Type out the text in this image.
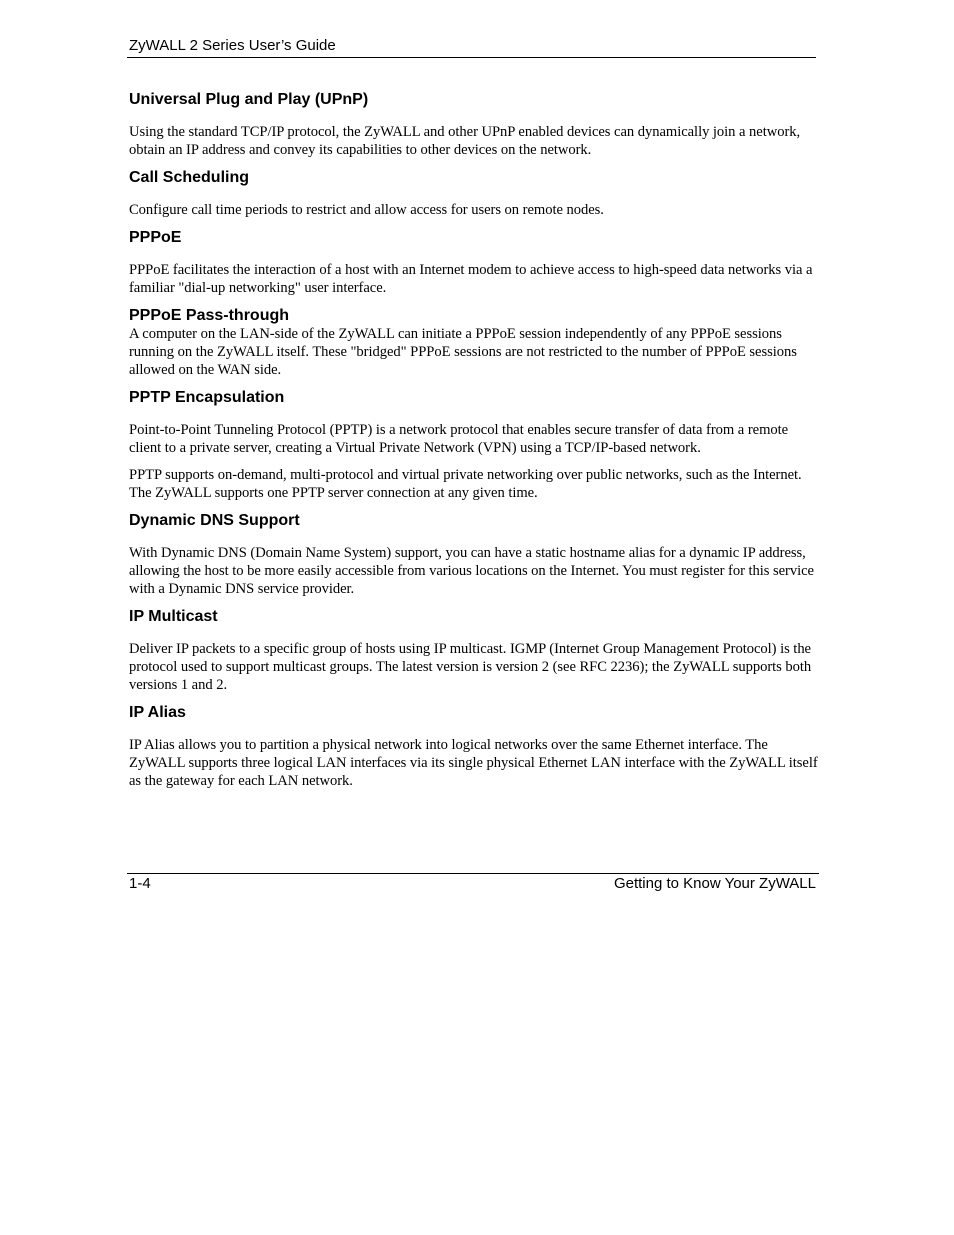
ZyWALL 2 Series User’s Guide
Universal Plug and Play (UPnP)

Using the standard TCP/IP protocol, the ZyWALL and other UPnP enabled devices can dynamically join a network, obtain an IP address and convey its capabilities to other devices on the network.

Call Scheduling

Configure call time periods to restrict and allow access for users on remote nodes.

PPPoE

PPPoE facilitates the interaction of a host with an Internet modem to achieve access to high-speed data networks via a familiar "dial-up networking" user interface.

PPPoE Pass-through

A computer on the LAN-side of the ZyWALL can initiate a PPPoE session independently of any PPPoE sessions running on the ZyWALL itself. These "bridged" PPPoE sessions are not restricted to the number of PPPoE sessions allowed on the WAN side.

PPTP Encapsulation

Point-to-Point Tunneling Protocol (PPTP) is a network protocol that enables secure transfer of data from a remote client to a private server, creating a Virtual Private Network (VPN) using a TCP/IP-based network.

PPTP supports on-demand, multi-protocol and virtual private networking over public networks, such as the Internet. The ZyWALL supports one PPTP server connection at any given time.

Dynamic DNS Support

With Dynamic DNS (Domain Name System) support, you can have a static hostname alias for a dynamic IP address, allowing the host to be more easily accessible from various locations on the Internet. You must register for this service with a Dynamic DNS service provider.

IP Multicast

Deliver IP packets to a specific group of hosts using IP multicast. IGMP (Internet Group Management Protocol) is the protocol used to support multicast groups. The latest version is version 2 (see RFC 2236); the ZyWALL supports both versions 1 and 2.

IP Alias

IP Alias allows you to partition a physical network into logical networks over the same Ethernet interface. The ZyWALL supports three logical LAN interfaces via its single physical Ethernet LAN interface with the ZyWALL itself as the gateway for each LAN network.

1-4	Getting to Know Your ZyWALL
